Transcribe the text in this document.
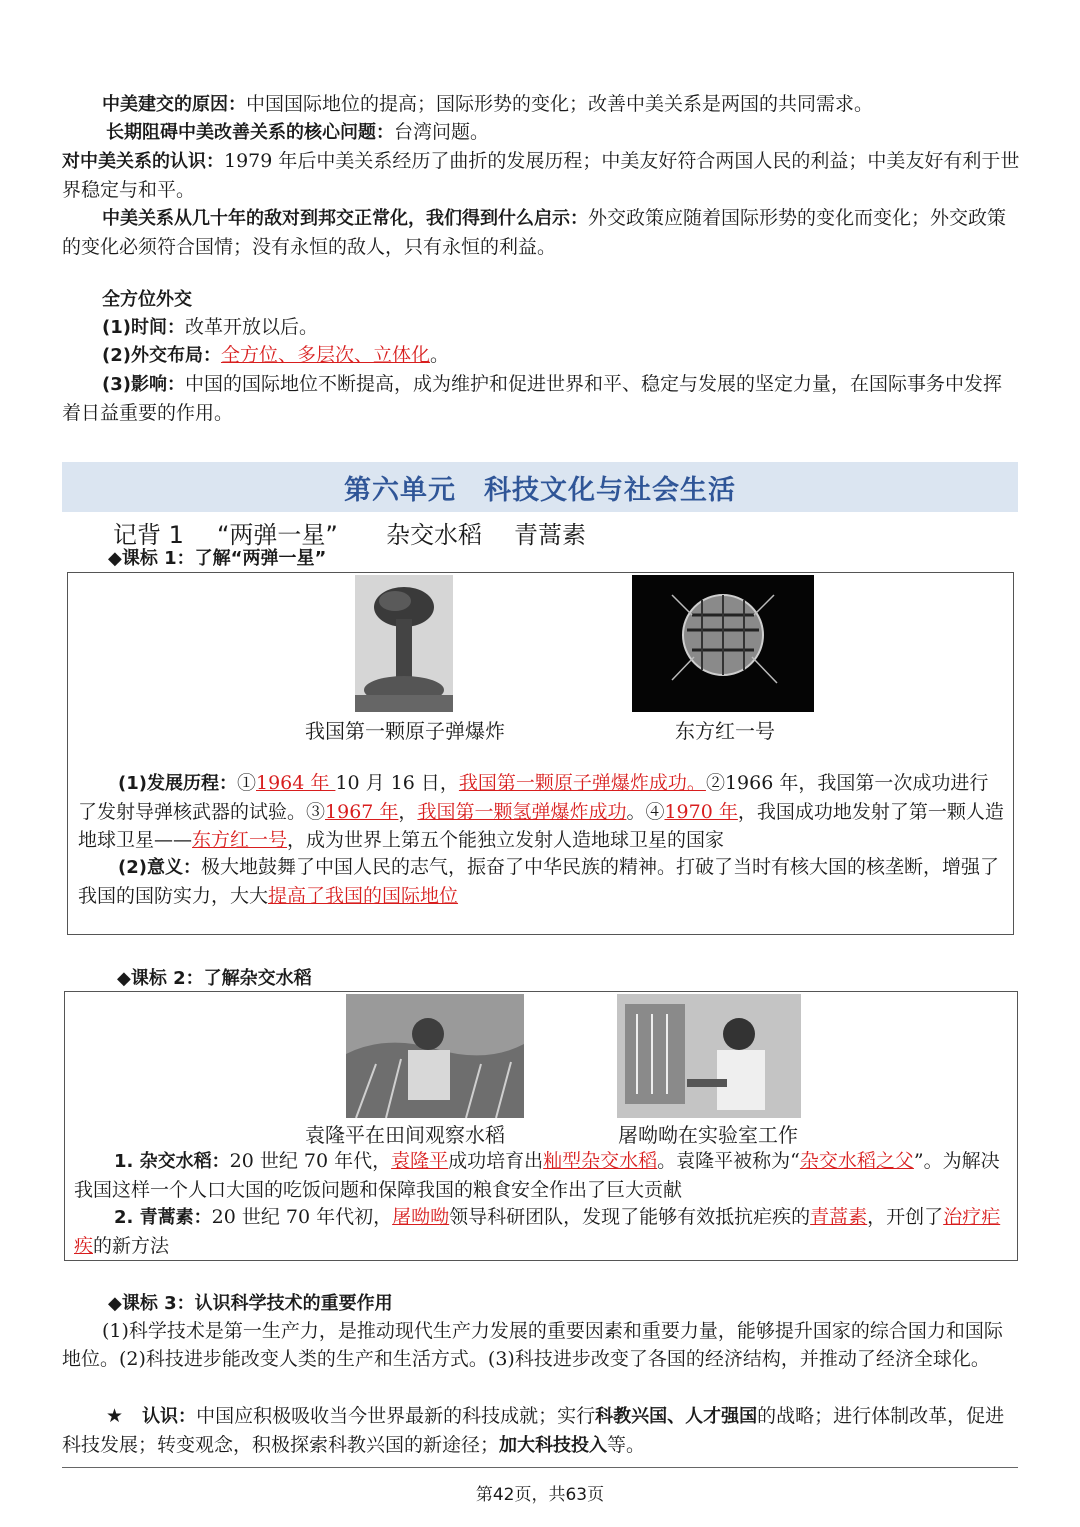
中美建交的原因：中国国际地位的提高；国际形势的变化；改善中美关系是两国的共同需求。

长期阻碍中美改善关系的核心问题：台湾问题。

对中美关系的认识：1979 年后中美关系经历了曲折的发展历程；中美友好符合两国人民的利益；中美友好有利于世界稳定与和平。

中美关系从几十年的敌对到邦交正常化，我们得到什么启示：外交政策应随着国际形势的变化而变化；外交政策的变化必须符合国情；没有永恒的敌人，只有永恒的利益。

全方位外交

(1)时间：改革开放以后。

(2)外交布局：全方位、多层次、立体化。

(3)影响：中国的国际地位不断提高，成为维护和促进世界和平、稳定与发展的坚定力量，在国际事务中发挥着日益重要的作用。

第六单元　科技文化与社会生活
记背 1 “两弹一星” 杂交水稻 青蒿素
◆课标 1：了解“两弹一星”
我国第一颗原子弹爆炸	东方红一号

(1)发展历程：①1964 年 10 月 16 日，我国第一颗原子弹爆炸成功。②1966 年，我国第一次成功进行了发射导弹核武器的试验。③1967 年，我国第一颗氢弹爆炸成功。④1970 年，我国成功地发射了第一颗人造地球卫星——东方红一号，成为世界上第五个能独立发射人造地球卫星的国家

(2)意义：极大地鼓舞了中国人民的志气，振奋了中华民族的精神。打破了当时有核大国的核垄断，增强了我国的国防实力，大大提高了我国的国际地位

◆课标 2：了解杂交水稻
袁隆平在田间观察水稻	屠呦呦在实验室工作

1. 杂交水稻：20 世纪 70 年代，袁隆平成功培育出籼型杂交水稻。袁隆平被称为“杂交水稻之父”。为解决我国这样一个人口大国的吃饭问题和保障我国的粮食安全作出了巨大贡献

2. 青蒿素：20 世纪 70 年代初，屠呦呦领导科研团队，发现了能够有效抵抗疟疾的青蒿素，开创了治疗疟疾的新方法

◆课标 3：认识科学技术的重要作用

(1)科学技术是第一生产力，是推动现代生产力发展的重要因素和重要力量，能够提升国家的综合国力和国际地位。(2)科技进步能改变人类的生产和生活方式。(3)科技进步改变了各国的经济结构，并推动了经济全球化。

★　 认识：中国应积极吸收当今世界最新的科技成就；实行科教兴国、人才强国的战略；进行体制改革，促进科技发展；转变观念，积极探索科教兴国的新途径；加大科技投入等。

第42页，共63页
